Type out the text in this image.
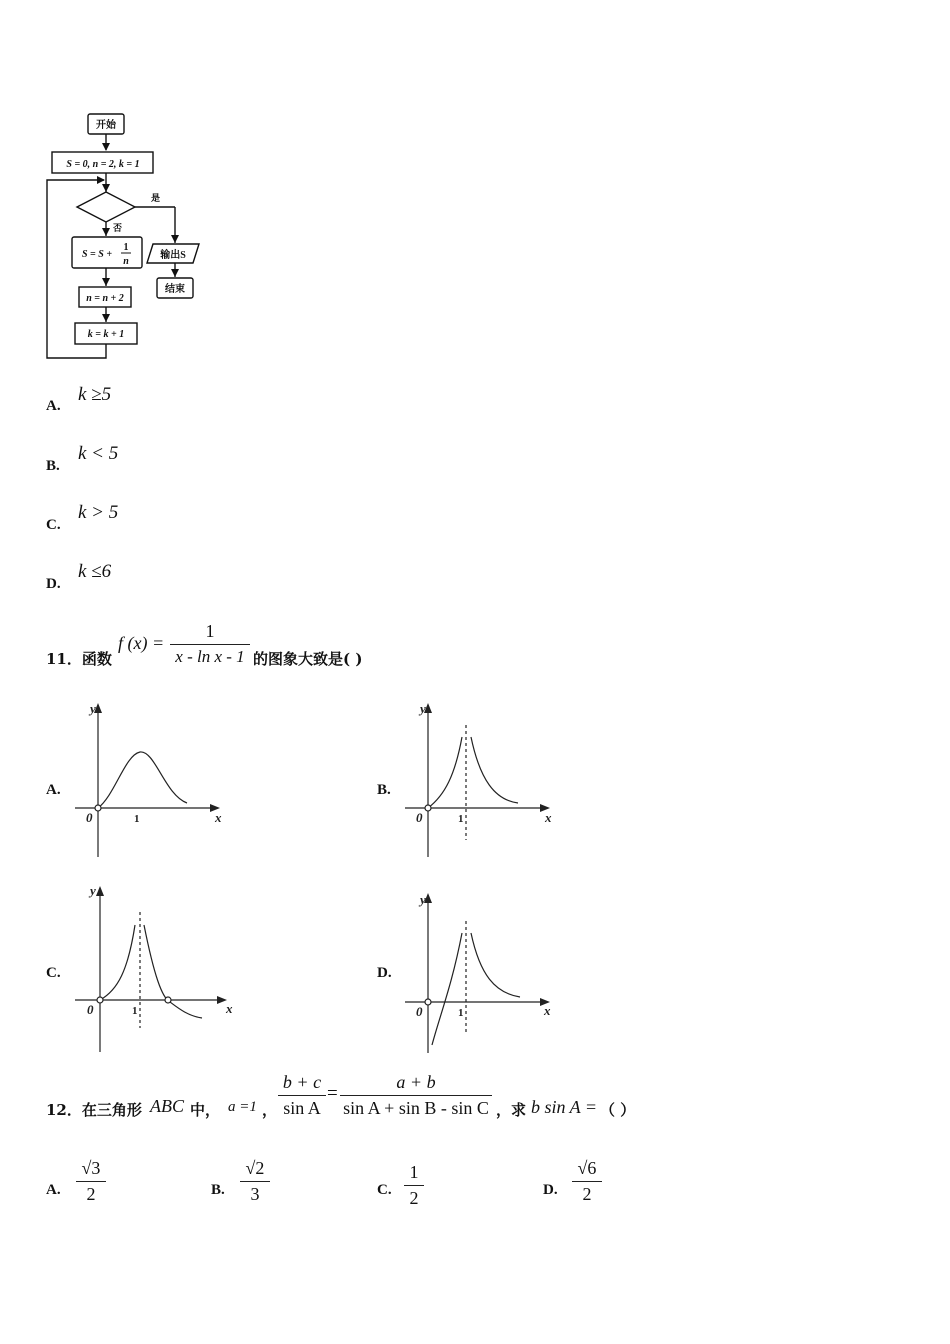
开始
S = 0, n = 2, k = 1
是
否
S = S +
1
n
输出S
结束
n = n + 2
k = k + 1
A.
k ≥5
B.
k < 5
C.
k > 5
D.
k ≤6
11．函数
f $(x) = \frac{1}{\text{x - ln x - 1}}$ 的图象大致是( )
A.
y
x
0	1
B.
y
x
0	1
C.
y
x
0	1
D.
y
x
0	1
12．在三角形 ABC 中， a =1 ， $\frac{b + c}{\text{sin A}} = \frac{a + b}{\text{sin A + sin B - sin C}}$ ，求 b sin A = （ ）
A. $\frac{√3}{2}$	B. $\frac{√2}{3}$	C. $\frac{1}{2}$	D. $\frac{√6}{2}$
